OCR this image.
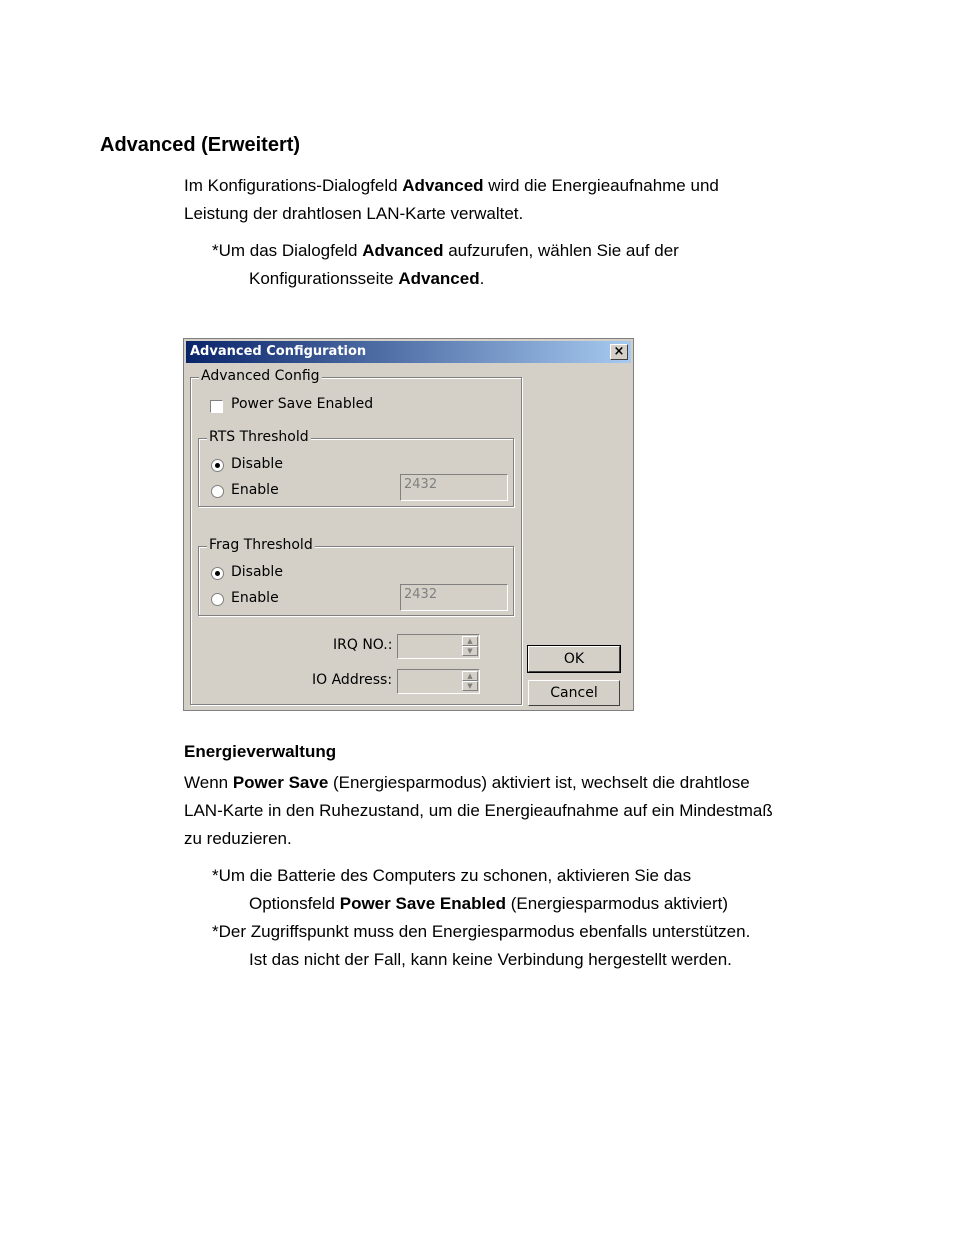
Advanced (Erweitert)
Im Konfigurations-Dialogfeld Advanced wird die Energieaufnahme und
Leistung der drahtlosen LAN-Karte verwaltet.
*Um das Dialogfeld Advanced aufzurufen, wählen Sie auf der
Konfigurationsseite Advanced.
Advanced Configuration	×
Advanced Config
Power Save Enabled
RTS Threshold
Disable
Enable	2432
Frag Threshold
Disable
Enable	2432
IRQ NO.:	▲
▼
IO Address:	▲
▼
OK
Cancel
Energieverwaltung
Wenn Power Save (Energiesparmodus) aktiviert ist, wechselt die drahtlose
LAN-Karte in den Ruhezustand, um die Energieaufnahme auf ein Mindestmaß
zu reduzieren.
*Um die Batterie des Computers zu schonen, aktivieren Sie das
Optionsfeld Power Save Enabled (Energiesparmodus aktiviert)
*Der Zugriffspunkt muss den Energiesparmodus ebenfalls unterstützen.
Ist das nicht der Fall, kann keine Verbindung hergestellt werden.
